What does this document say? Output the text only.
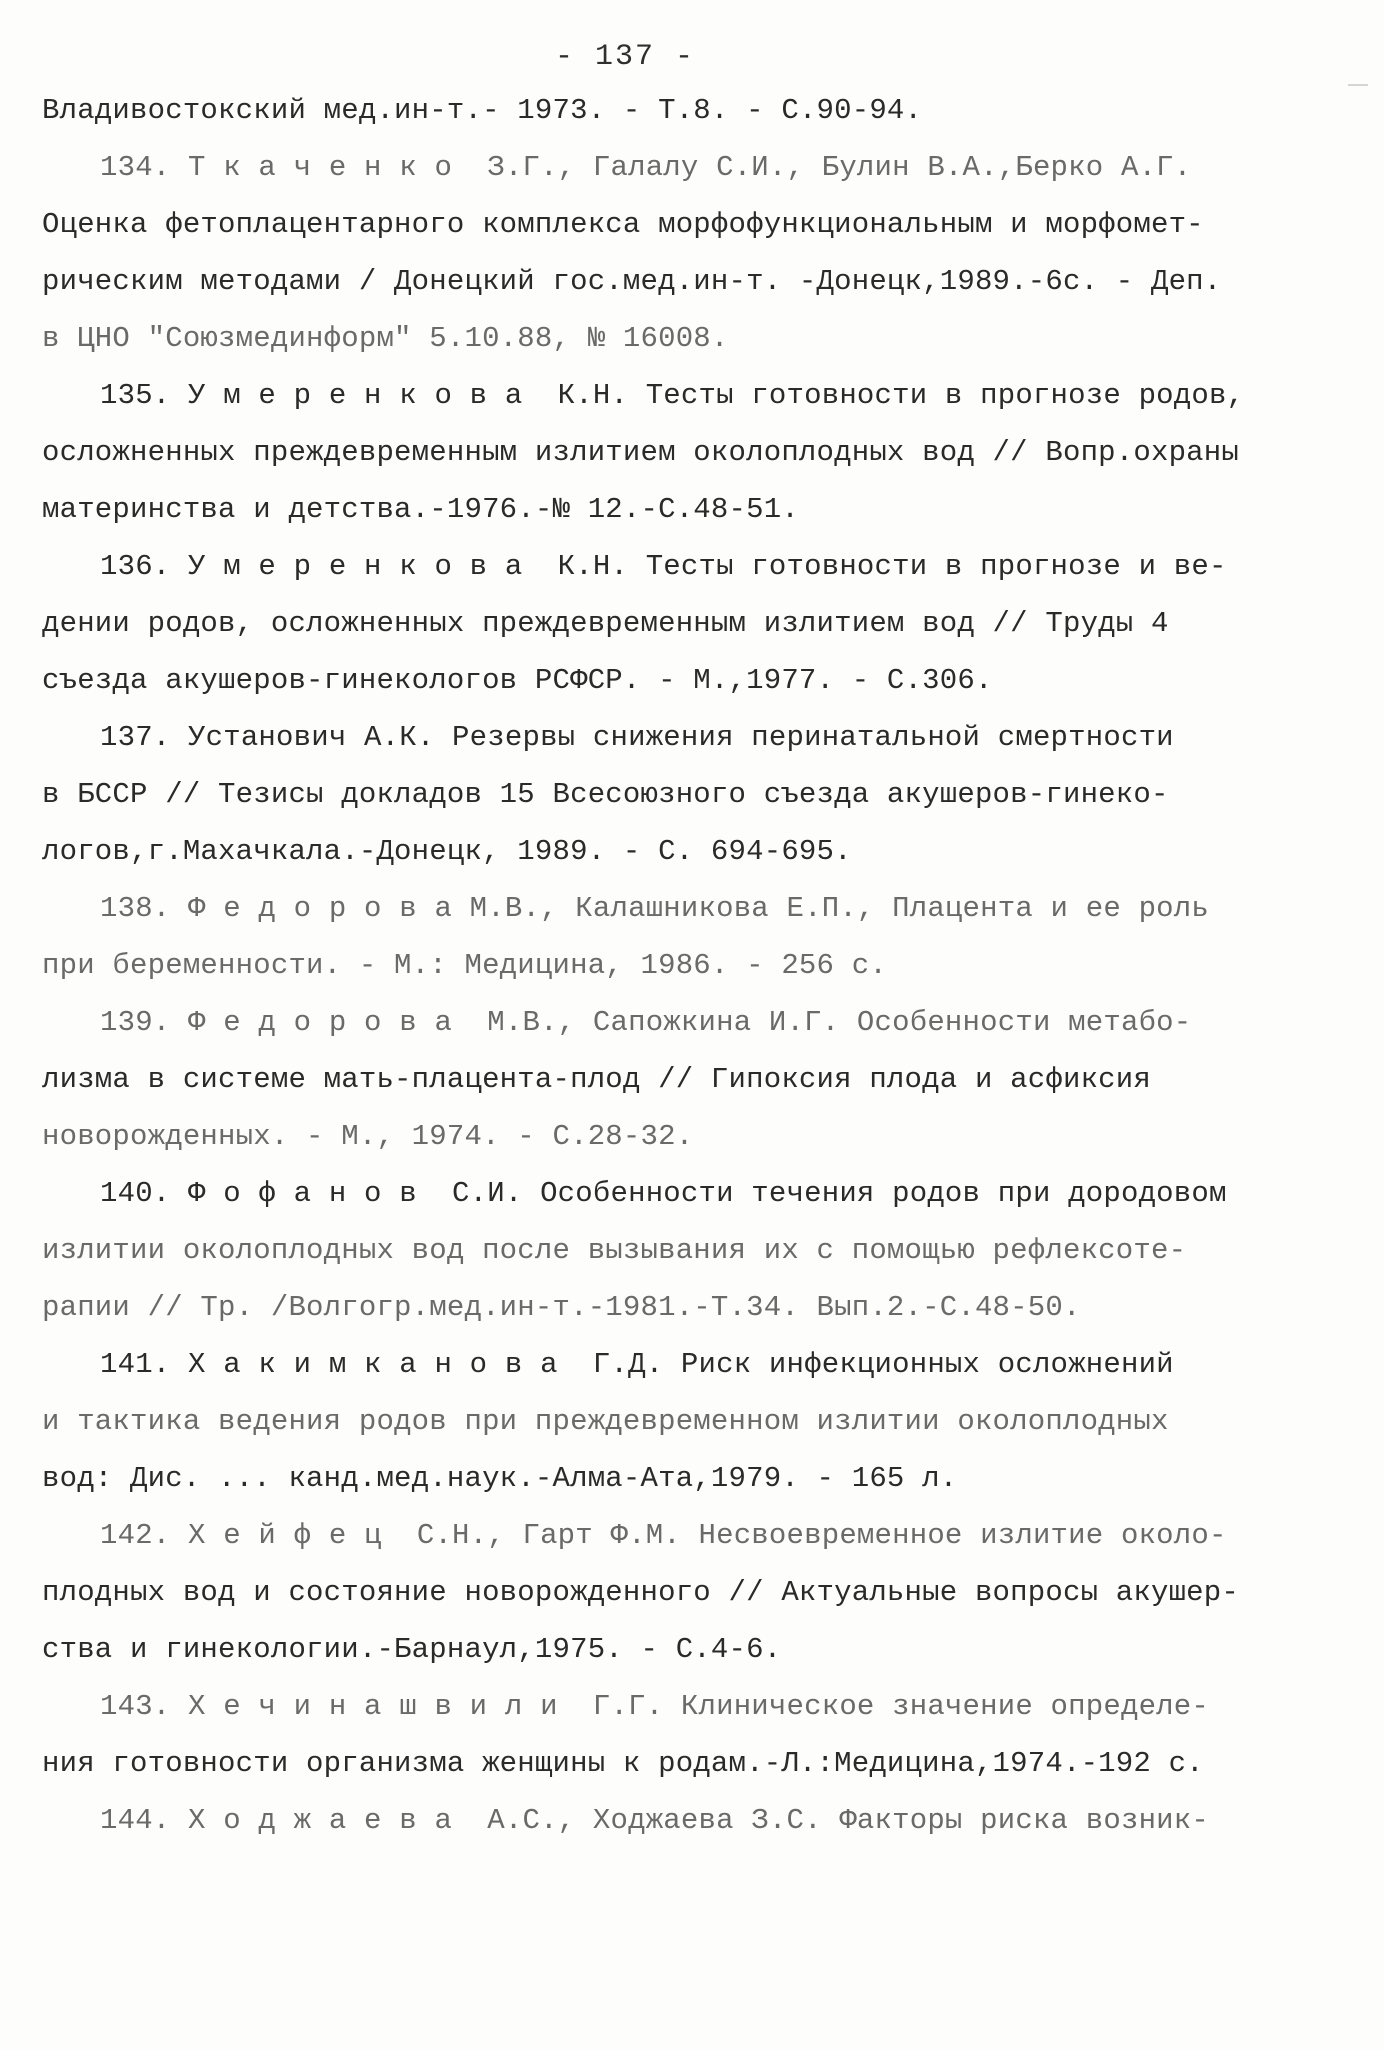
- 137 -
Владивостокский мед.ин-т.- 1973. - Т.8. - С.90-94.
134. Т к а ч е н к о  З.Г., Галалу С.И., Булин В.А.,Берко А.Г.
Оценка фетоплацентарного комплекса морфофункциональным и морфомет-
рическим методами / Донецкий гос.мед.ин-т. -Донецк,1989.-6с. - Деп.
в ЦНО "Союзмединформ" 5.10.88, № 16008.
135. У м е р е н к о в а  К.Н. Тесты готовности в прогнозе родов,
осложненных преждевременным излитием околоплодных вод // Вопр.охраны
материнства и детства.-1976.-№ 12.-С.48-51.
136. У м е р е н к о в а  К.Н. Тесты готовности в прогнозе и ве-
дении родов, осложненных преждевременным излитием вод // Труды 4
съезда акушеров-гинекологов РСФСР. - М.,1977. - С.306.
137. Установич А.К. Резервы снижения перинатальной смертности
в БССР // Тезисы докладов 15 Всесоюзного съезда акушеров-гинеко-
логов,г.Махачкала.-Донецк, 1989. - С. 694-695.
138. Ф е д о р о в а М.В., Калашникова Е.П., Плацента и ее роль
при беременности. - М.: Медицина, 1986. - 256 с.
139. Ф е д о р о в а  М.В., Сапожкина И.Г. Особенности метабо-
лизма в системе мать-плацента-плод // Гипоксия плода и асфиксия
новорожденных. - М., 1974. - С.28-32.
140. Ф о ф а н о в  С.И. Особенности течения родов при дородовом
излитии околоплодных вод после вызывания их с помощью рефлексоте-
рапии // Тр. /Волгогр.мед.ин-т.-1981.-Т.34. Вып.2.-С.48-50.
141. Х а к и м к а н о в а  Г.Д. Риск инфекционных осложнений
и тактика ведения родов при преждевременном излитии околоплодных
вод: Дис. ... канд.мед.наук.-Алма-Ата,1979. - 165 л.
142. Х е й ф е ц  С.Н., Гарт Ф.М. Несвоевременное излитие около-
плодных вод и состояние новорожденного // Актуальные вопросы акушер-
ства и гинекологии.-Барнаул,1975. - С.4-6.
143. Х е ч и н а ш в и л и  Г.Г. Клиническое значение определе-
ния готовности организма женщины к родам.-Л.:Медицина,1974.-192 с.
144. Х о д ж а е в а  А.С., Ходжаева З.С. Факторы риска возник-
